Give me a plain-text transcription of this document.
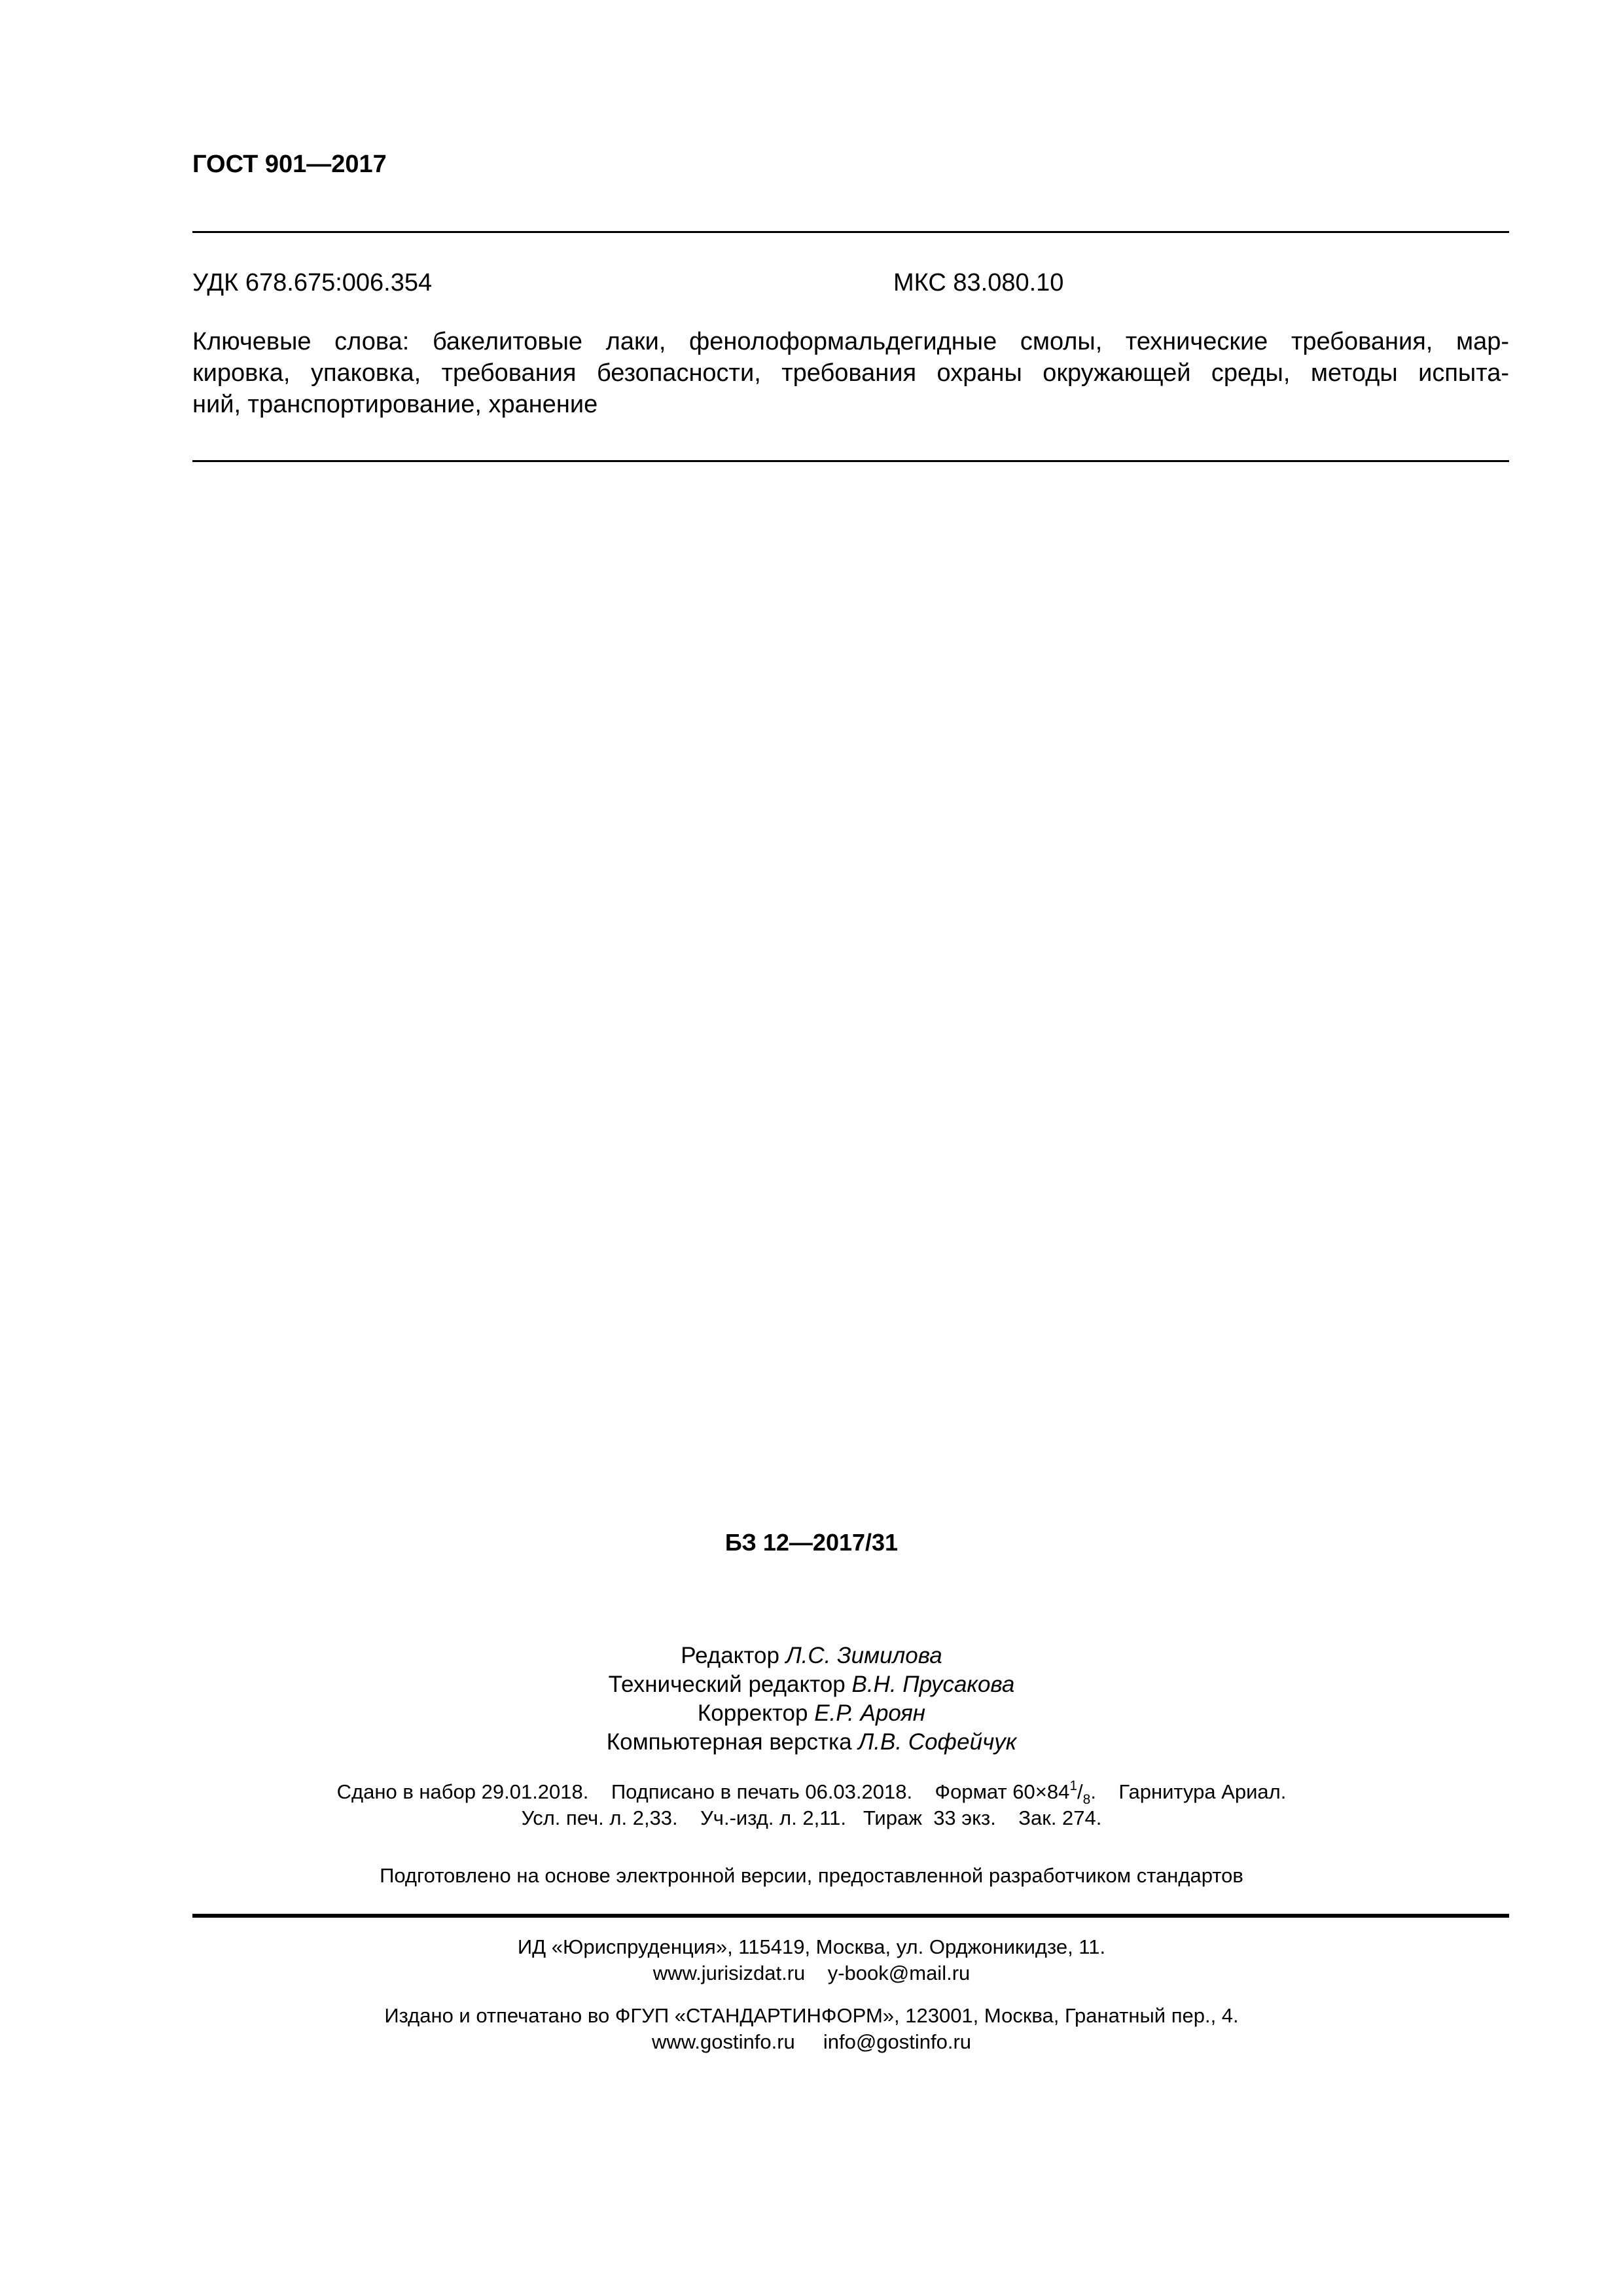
ГОСТ 901—2017
УДК 678.675:006.354	МКС 83.080.10
Ключевые слова: бакелитовые лаки, фенолоформальдегидные смолы, технические требования, мар-
кировка, упаковка, требования безопасности, требования охраны окружающей среды, методы испыта-
ний, транспортирование, хранение
БЗ 12—2017/31
Редактор Л.С. Зимилова
Технический редактор В.Н. Прусакова
Корректор Е.Р. Ароян
Компьютерная верстка Л.В. Софейчук
Сдано в набор 29.01.2018.    Подписано в печать 06.03.2018.    Формат $60\times 84^1/_8$.    Гарнитура Ариал.
Усл. печ. л. 2,33.    Уч.-изд. л. 2,11.   Тираж  33 экз.    Зак. 274.
Подготовлено на основе электронной версии, предоставленной разработчиком стандартов
ИД «Юриспруденция», 115419, Москва, ул. Орджоникидзе, 11.
www.jurisizdat.ru    y-book@mail.ru
Издано и отпечатано во ФГУП «СТАНДАРТИНФОРМ», 123001, Москва, Гранатный пер., 4.
www.gostinfo.ru     info@gostinfo.ru
